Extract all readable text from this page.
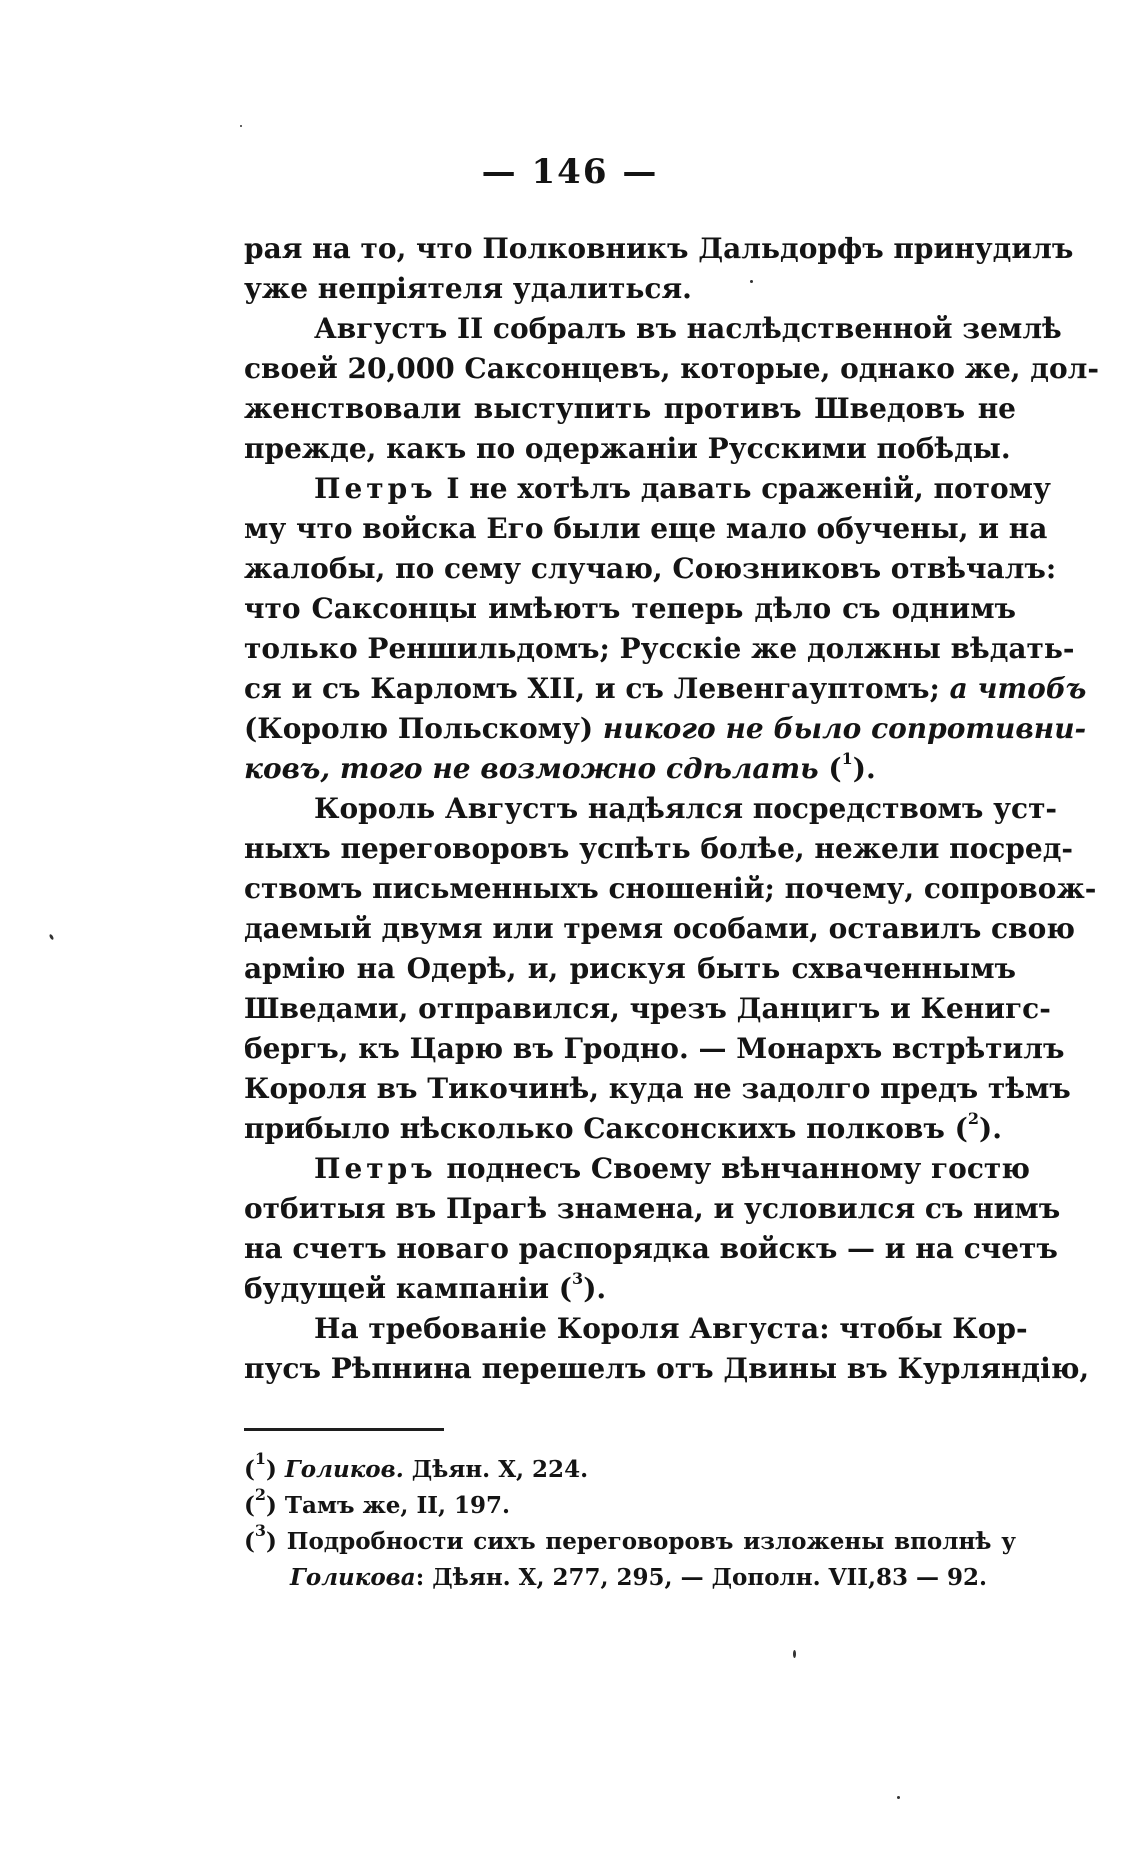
— 146 —
рая на то, что Полковникъ Дальдорфъ принудилъ
уже непріятеля удалиться.
Августъ II собралъ въ наслѣдственной землѣ
своей 20,000 Саксонцевъ, которые, однако же, дол-
женствовали выступить противъ Шведовъ не
прежде, какъ по одержаніи Русскими побѣды.
Петръ I не хотѣлъ давать сраженій, потому
му что войска Его были еще мало обучены, и на
жалобы, по сему случаю, Союзниковъ отвѣчалъ:
что Саксонцы имѣютъ теперь дѣло съ однимъ
только Реншильдомъ; Русскіе же должны вѣдать-
ся и съ Карломъ XII, и съ Левенгауптомъ; а чтобъ
(Королю Польскому) никого не было сопротивни-
ковъ, того не возможно сдѣлать ($^1$).
Король Августъ надѣялся посредствомъ уст-
ныхъ переговоровъ успѣть болѣе, нежели посред-
ствомъ письменныхъ сношеній; почему, сопровож-
даемый двумя или тремя особами, оставилъ свою
армію на Одерѣ, и, рискуя быть схваченнымъ
Шведами, отправился, чрезъ Данцигъ и Кенигс-
бергъ, къ Царю въ Гродно. — Монархъ встрѣтилъ
Короля въ Тикочинѣ, куда не задолго предъ тѣмъ
прибыло нѣсколько Саксонскихъ полковъ ($^2$).
Петръ поднесъ Своему вѣнчанному гостю
отбитыя въ Прагѣ знамена, и условился съ нимъ
на счетъ новаго распорядка войскъ — и на счетъ
будущей кампаніи ($^3$).
На требованіе Короля Августа: чтобы Кор-
пусъ Рѣпнина перешелъ отъ Двины въ Курляндію,
($^1$) Голиков. Дѣян. X, 224.
($^2$) Тамъ же, II, 197.
($^3$) Подробности сихъ переговоровъ изложены вполнѣ у
Голикова: Дѣян. X, 277, 295, — Дополн. VII,83 — 92.
